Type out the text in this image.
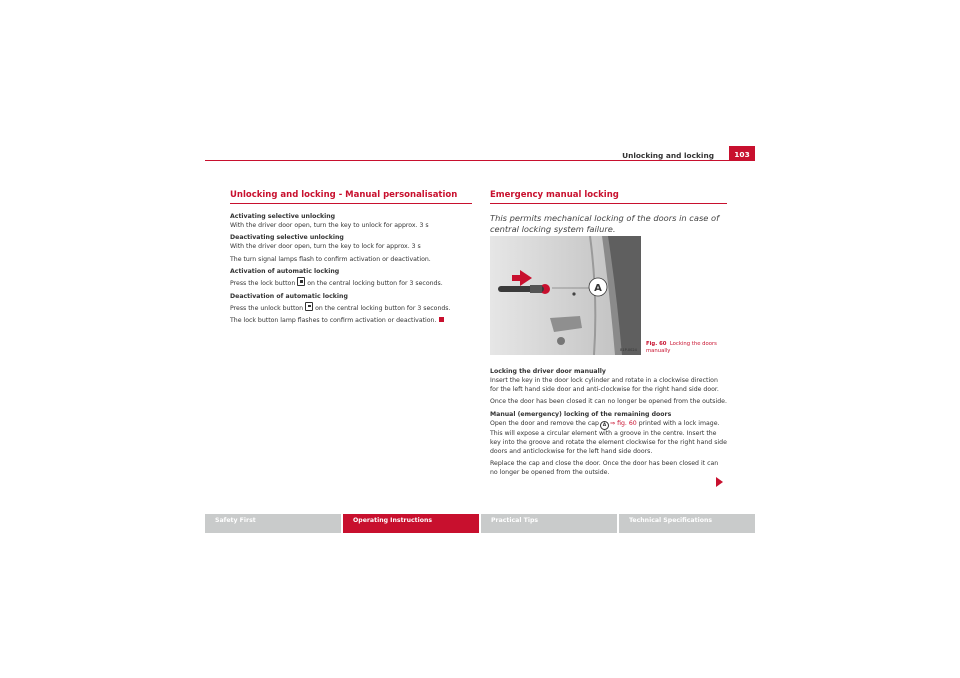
Unlocking and locking	103
Unlocking and locking - Manual personalisation

Activating selective unlocking

With the driver door open, turn the key to unlock for approx. 3 s

Deactivating selective unlocking

With the driver door open, turn the key to lock for approx. 3 s

The turn signal lamps flash to confirm activation or deactivation.

Activation of automatic locking

Press the lock button on the central locking button for 3 seconds.

Deactivation of automatic locking

Press the unlock button on the central locking button for 3 seconds.

The lock button lamp flashes to confirm activation or deactivation.

Emergency manual locking
This permits mechanical locking of the doors in case of central locking system failure.
A
B1P-0024
Fig. 60 Locking the doors manually

Locking the driver door manually

Insert the key in the door lock cylinder and rotate in a clockwise direction for the left hand side door and anti-clockwise for the right hand side door.

Once the door has been closed it can no longer be opened from the outside.

Manual (emergency) locking of the remaining doors

Open the door and remove the cap A ⇒ fig. 60 printed with a lock image. This will expose a circular element with a groove in the centre. Insert the key into the groove and rotate the element clockwise for the right hand side doors and anticlockwise for the left hand side doors.

Replace the cap and close the door. Once the door has been closed it can no longer be opened from the outside.

Safety First	Operating Instructions	Practical Tips	Technical Specifications
